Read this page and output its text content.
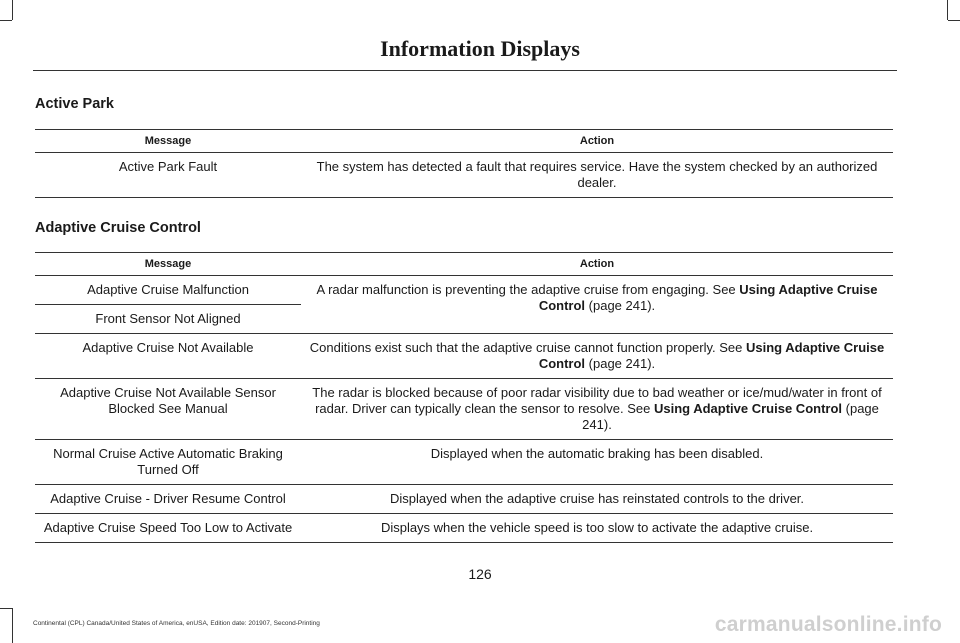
Information Displays
Active Park
Message	Action
Active Park Fault	The system has detected a fault that requires service. Have the system checked by an authorized dealer.
Adaptive Cruise Control
Message	Action
Adaptive Cruise Malfunction	A radar malfunction is preventing the adaptive cruise from engaging. See Using Adaptive Cruise Control (page 241).
Front Sensor Not Aligned	
Adaptive Cruise Not Available	Conditions exist such that the adaptive cruise cannot function properly. See Using Adaptive Cruise Control (page 241).
Adaptive Cruise Not Available Sensor Blocked See Manual	The radar is blocked because of poor radar visibility due to bad weather or ice/mud/water in front of radar. Driver can typically clean the sensor to resolve. See Using Adaptive Cruise Control (page 241).
Normal Cruise Active Automatic Braking Turned Off	Displayed when the automatic braking has been disabled.
Adaptive Cruise - Driver Resume Control	Displayed when the adaptive cruise has reinstated controls to the driver.
Adaptive Cruise Speed Too Low to Activate	Displays when the vehicle speed is too slow to activate the adaptive cruise.
126
Continental (CPL) Canada/United States of America, enUSA, Edition date: 201907, Second-Printing	carmanualsonline.info
